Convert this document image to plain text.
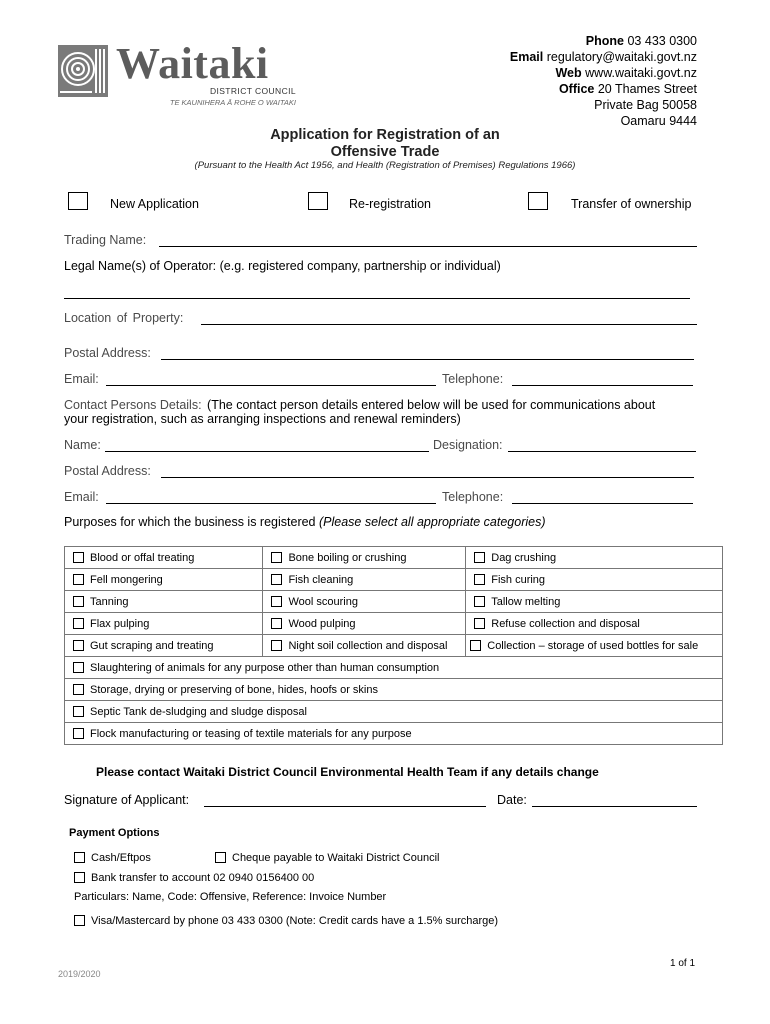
Waitaki
DISTRICT COUNCIL
TE KAUNIHERA Ā ROHE O WAITAKI
Phone 03 433 0300
Email regulatory@waitaki.govt.nz
Web www.waitaki.govt.nz
Office 20 Thames Street
Private Bag 50058
Oamaru 9444
Application for Registration of an
Offensive Trade
(Pursuant to the Health Act 1956, and Health (Registration of Premises) Regulations 1966)
New Application	Re-registration	Transfer of ownership
Trading Name:
Legal Name(s) of Operator: (e.g. registered company, partnership or individual)
Location of Property:
Postal Address:
Email:	Telephone:
Contact Persons Details: (The contact person details entered below will be used for communications about
your registration, such as arranging inspections and renewal reminders)
Name:	Designation:
Postal Address:
Email:	Telephone:
Purposes for which the business is registered (Please select all appropriate categories)
Blood or offal treating	Bone boiling or crushing	Dag crushing
Fell mongering	Fish cleaning	Fish curing
Tanning	Wool scouring	Tallow melting
Flax pulping	Wood pulping	Refuse collection and disposal
Gut scraping and treating	Night soil collection and disposal	Collection – storage of used bottles for sale
Slaughtering of animals for any purpose other than human consumption		
Storage, drying or preserving of bone, hides, hoofs or skins		
Septic Tank de-sludging and sludge disposal		
Flock manufacturing or teasing of textile materials for any purpose		
Please contact Waitaki District Council Environmental Health Team if any details change
Signature of Applicant:	Date:
Payment Options
Cash/Eftpos	Cheque payable to Waitaki District Council
Bank transfer to account 02 0940 0156400 00
Particulars: Name, Code: Offensive, Reference: Invoice Number
Visa/Mastercard by phone 03 433 0300 (Note: Credit cards have a 1.5% surcharge)
2019/2020
1 of 1
